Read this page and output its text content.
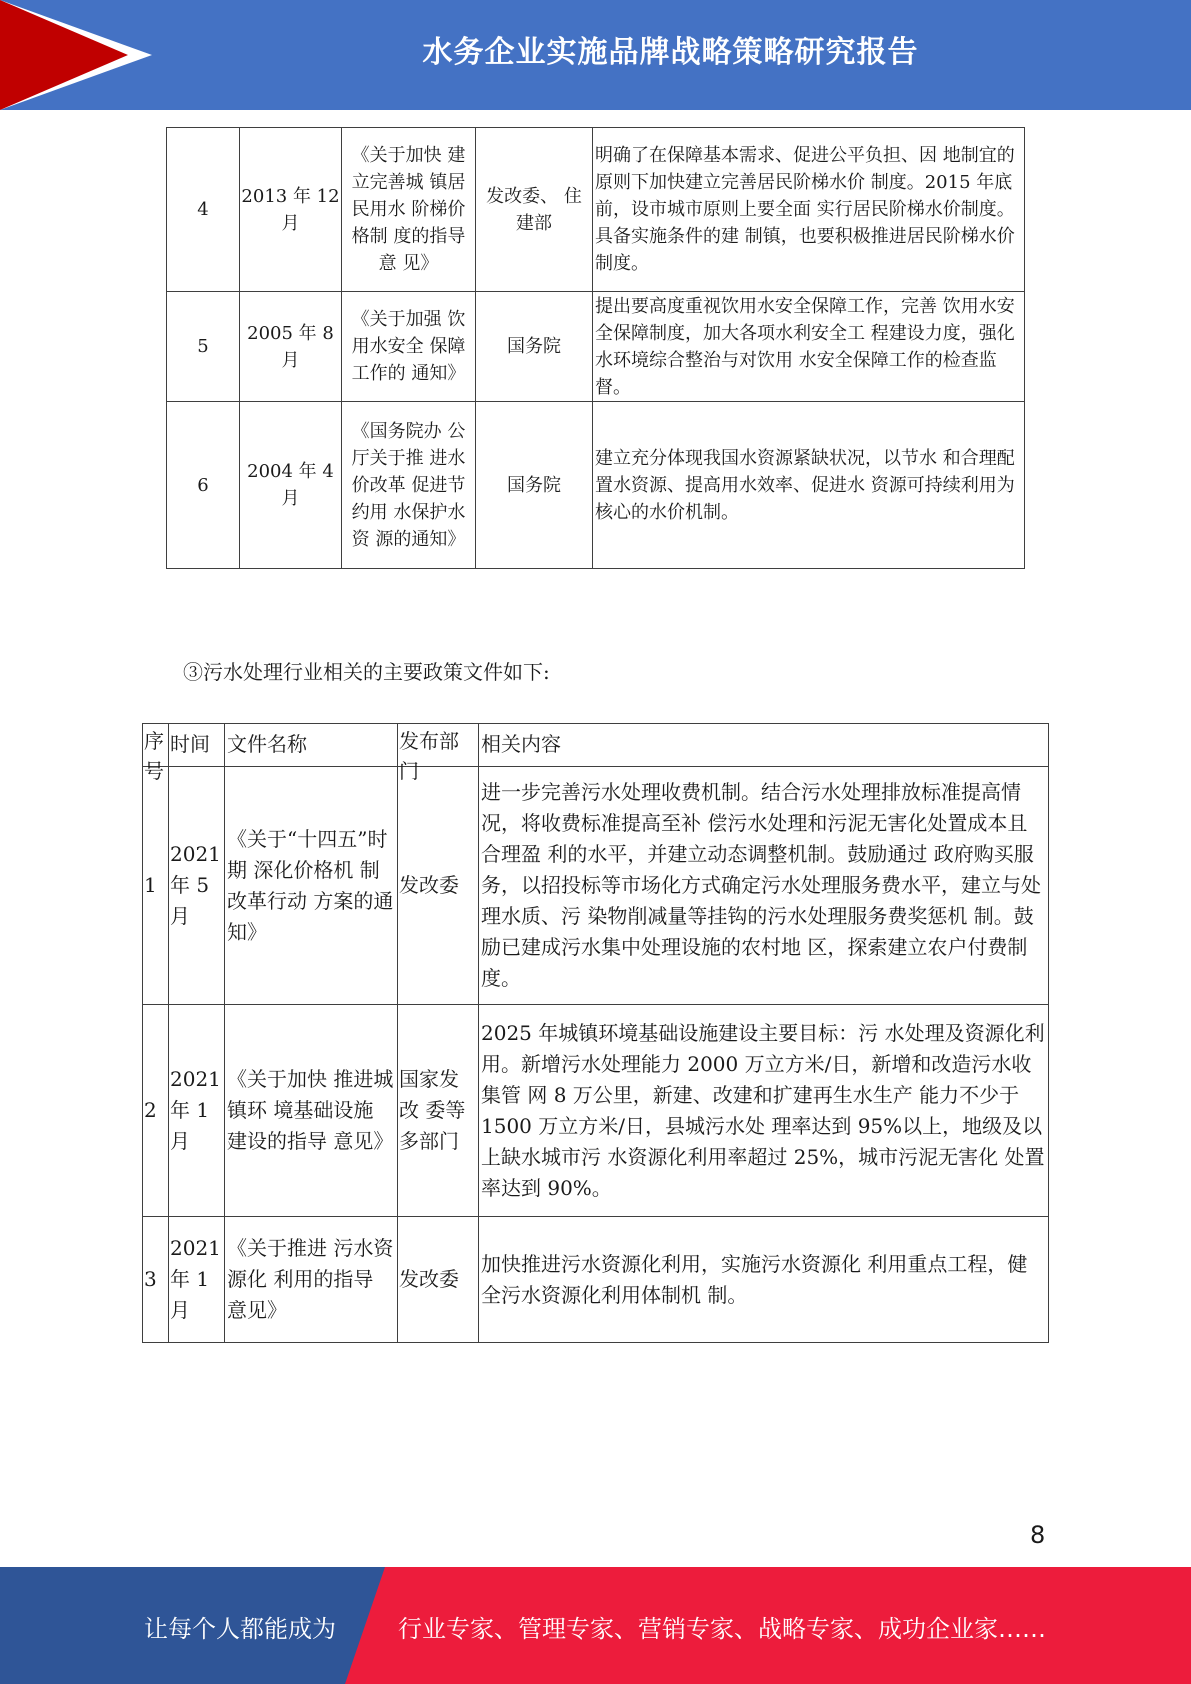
水务企业实施品牌战略策略研究报告
4	2013 年 12 月	《关于加快 建立完善城 镇居民用水 阶梯价格制 度的指导意 见》	发改委、 住建部	明确了在保障基本需求、促进公平负担、因 地制宜的原则下加快建立完善居民阶梯水价 制度。2015 年底前，设市城市原则上要全面 实行居民阶梯水价制度。具备实施条件的建 制镇，也要积极推进居民阶梯水价制度。
5	2005 年 8 月	《关于加强 饮用水安全 保障工作的 通知》	国务院	提出要高度重视饮用水安全保障工作，完善 饮用水安全保障制度，加大各项水利安全工 程建设力度，强化水环境综合整治与对饮用 水安全保障工作的检查监督。
6	2004 年 4 月	《国务院办 公厅关于推 进水价改革 促进节约用 水保护水资 源的通知》	国务院	建立充分体现我国水资源紧缺状况，以节水 和合理配置水资源、提高用水效率、促进水 资源可持续利用为核心的水价机制。
③污水处理行业相关的主要政策文件如下:
序号	时间	文件名称	发布部门	相关内容

1	2021 年 5 月	《关于“十四五”时期 深化价格机 制改革行动 方案的通 知》	发改委	进一步完善污水处理收费机制。结合污水处理排放标准提高情况，将收费标准提高至补 偿污水处理和污泥无害化处置成本且合理盈 利的水平，并建立动态调整机制。鼓励通过 政府购买服务，以招投标等市场化方式确定污水处理服务费水平，建立与处理水质、污 染物削减量等挂钩的污水处理服务费奖惩机 制。鼓励已建成污水集中处理设施的农村地 区，探索建立农户付费制度。
2	2021 年 1 月	《关于加快 推进城镇环 境基础设施 建设的指导 意见》	国家发改 委等多部门	2025 年城镇环境基础设施建设主要目标：污 水处理及资源化利用。新增污水处理能力 2000 万立方米/日，新增和改造污水收集管 网 8 万公里，新建、改建和扩建再生水生产 能力不少于 1500 万立方米/日，县城污水处 理率达到 95%以上，地级及以上缺水城市污 水资源化利用率超过 25%，城市污泥无害化 处置率达到 90%。
3	2021 年 1 月	《关于推进 污水资源化 利用的指导 意见》	发改委	加快推进污水资源化利用，实施污水资源化 利用重点工程，健全污水资源化利用体制机 制。
8
让每个人都能成为	行业专家、管理专家、营销专家、战略专家、成功企业家……
